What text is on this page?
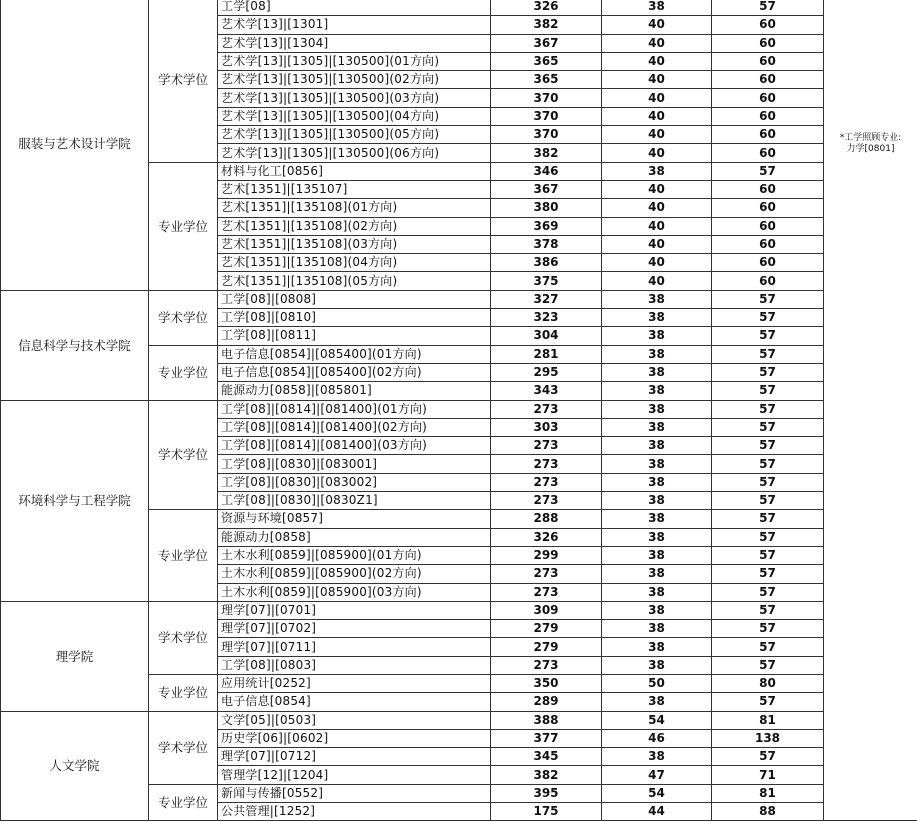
服装与艺术设计学院	学术学位	工学[08]	326	38	57	*工学照顾专业:
力学[0801]

		艺术学[13]|[1301]	382	40	60	
		艺术学[13]|[1304]	367	40	60	
		艺术学[13]|[1305]|[130500](01方向)	365	40	60	
		艺术学[13]|[1305]|[130500](02方向)	365	40	60	
		艺术学[13]|[1305]|[130500](03方向)	370	40	60	
		艺术学[13]|[1305]|[130500](04方向)	370	40	60	
		艺术学[13]|[1305]|[130500](05方向)	370	40	60	
		艺术学[13]|[1305]|[130500](06方向)	382	40	60	
	专业学位	材料与化工[0856]	346	38	57	
		艺术[1351]|[135107]	367	40	60	
		艺术[1351]|[135108](01方向)	380	40	60	
		艺术[1351]|[135108](02方向)	369	40	60	
		艺术[1351]|[135108](03方向)	378	40	60	
		艺术[1351]|[135108](04方向)	386	40	60	
		艺术[1351]|[135108](05方向)	375	40	60	
信息科学与技术学院	学术学位	工学[08]|[0808]	327	38	57	
		工学[08]|[0810]	323	38	57	
		工学[08]|[0811]	304	38	57	
	专业学位	电子信息[0854]|[085400](01方向)	281	38	57	
		电子信息[0854]|[085400](02方向)	295	38	57	
		能源动力[0858]|[085801]	343	38	57	
环境科学与工程学院	学术学位	工学[08]|[0814]|[081400](01方向)	273	38	57	
		工学[08]|[0814]|[081400](02方向)	303	38	57	
		工学[08]|[0814]|[081400](03方向)	273	38	57	
		工学[08]|[0830]|[083001]	273	38	57	
		工学[08]|[0830]|[083002]	273	38	57	
		工学[08]|[0830]|[0830Z1]	273	38	57	
	专业学位	资源与环境[0857]	288	38	57	
		能源动力[0858]	326	38	57	
		土木水利[0859]|[085900](01方向)	299	38	57	
		土木水利[0859]|[085900](02方向)	273	38	57	
		土木水利[0859]|[085900](03方向)	273	38	57	
理学院	学术学位	理学[07]|[0701]	309	38	57	
		理学[07]|[0702]	279	38	57	
		理学[07]|[0711]	279	38	57	
		工学[08]|[0803]	273	38	57	
	专业学位	应用统计[0252]	350	50	80	
		电子信息[0854]	289	38	57	
人文学院	学术学位	文学[05]|[0503]	388	54	81	
		历史学[06]|[0602]	377	46	138	
		理学[07]|[0712]	345	38	57	
		管理学[12]|[1204]	382	47	71	
	专业学位	新闻与传播[0552]	395	54	81	
		公共管理|[1252]	175	44	88	
